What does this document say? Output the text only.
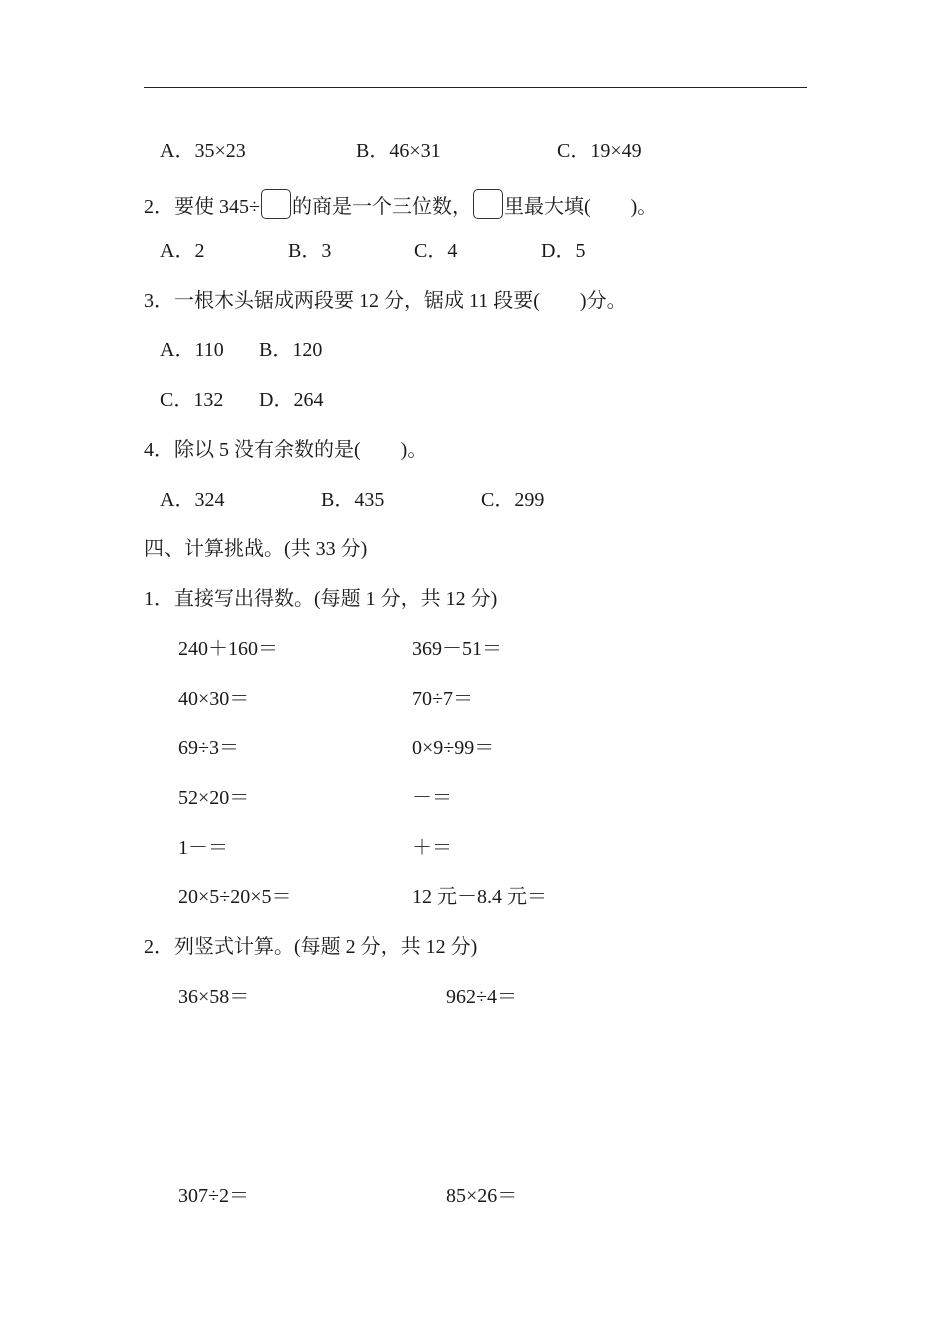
A．35×23	B．46×31	C．19×49
2．要使 345÷ 的商是一个三位数， 里最大填(　　)。
A．2	B．3	C．4	D．5
3．一根木头锯成两段要 12 分，锯成 11 段要(　　)分。
A．110 B．120
C．132 D．264
4．除以 5 没有余数的是(　　)。
A．324	B．435	C．299
四、计算挑战。(共 33 分)
1．直接写出得数。(每题 1 分，共 12 分)
240＋160＝	369－51＝
40×30＝	70÷7＝
69÷3＝	0×9÷99＝
52×20＝	－＝
1－＝	＋＝
20×5÷20×5＝	12 元－8.4 元＝
2．列竖式计算。(每题 2 分，共 12 分)
36×58＝	962÷4＝
307÷2＝	85×26＝
